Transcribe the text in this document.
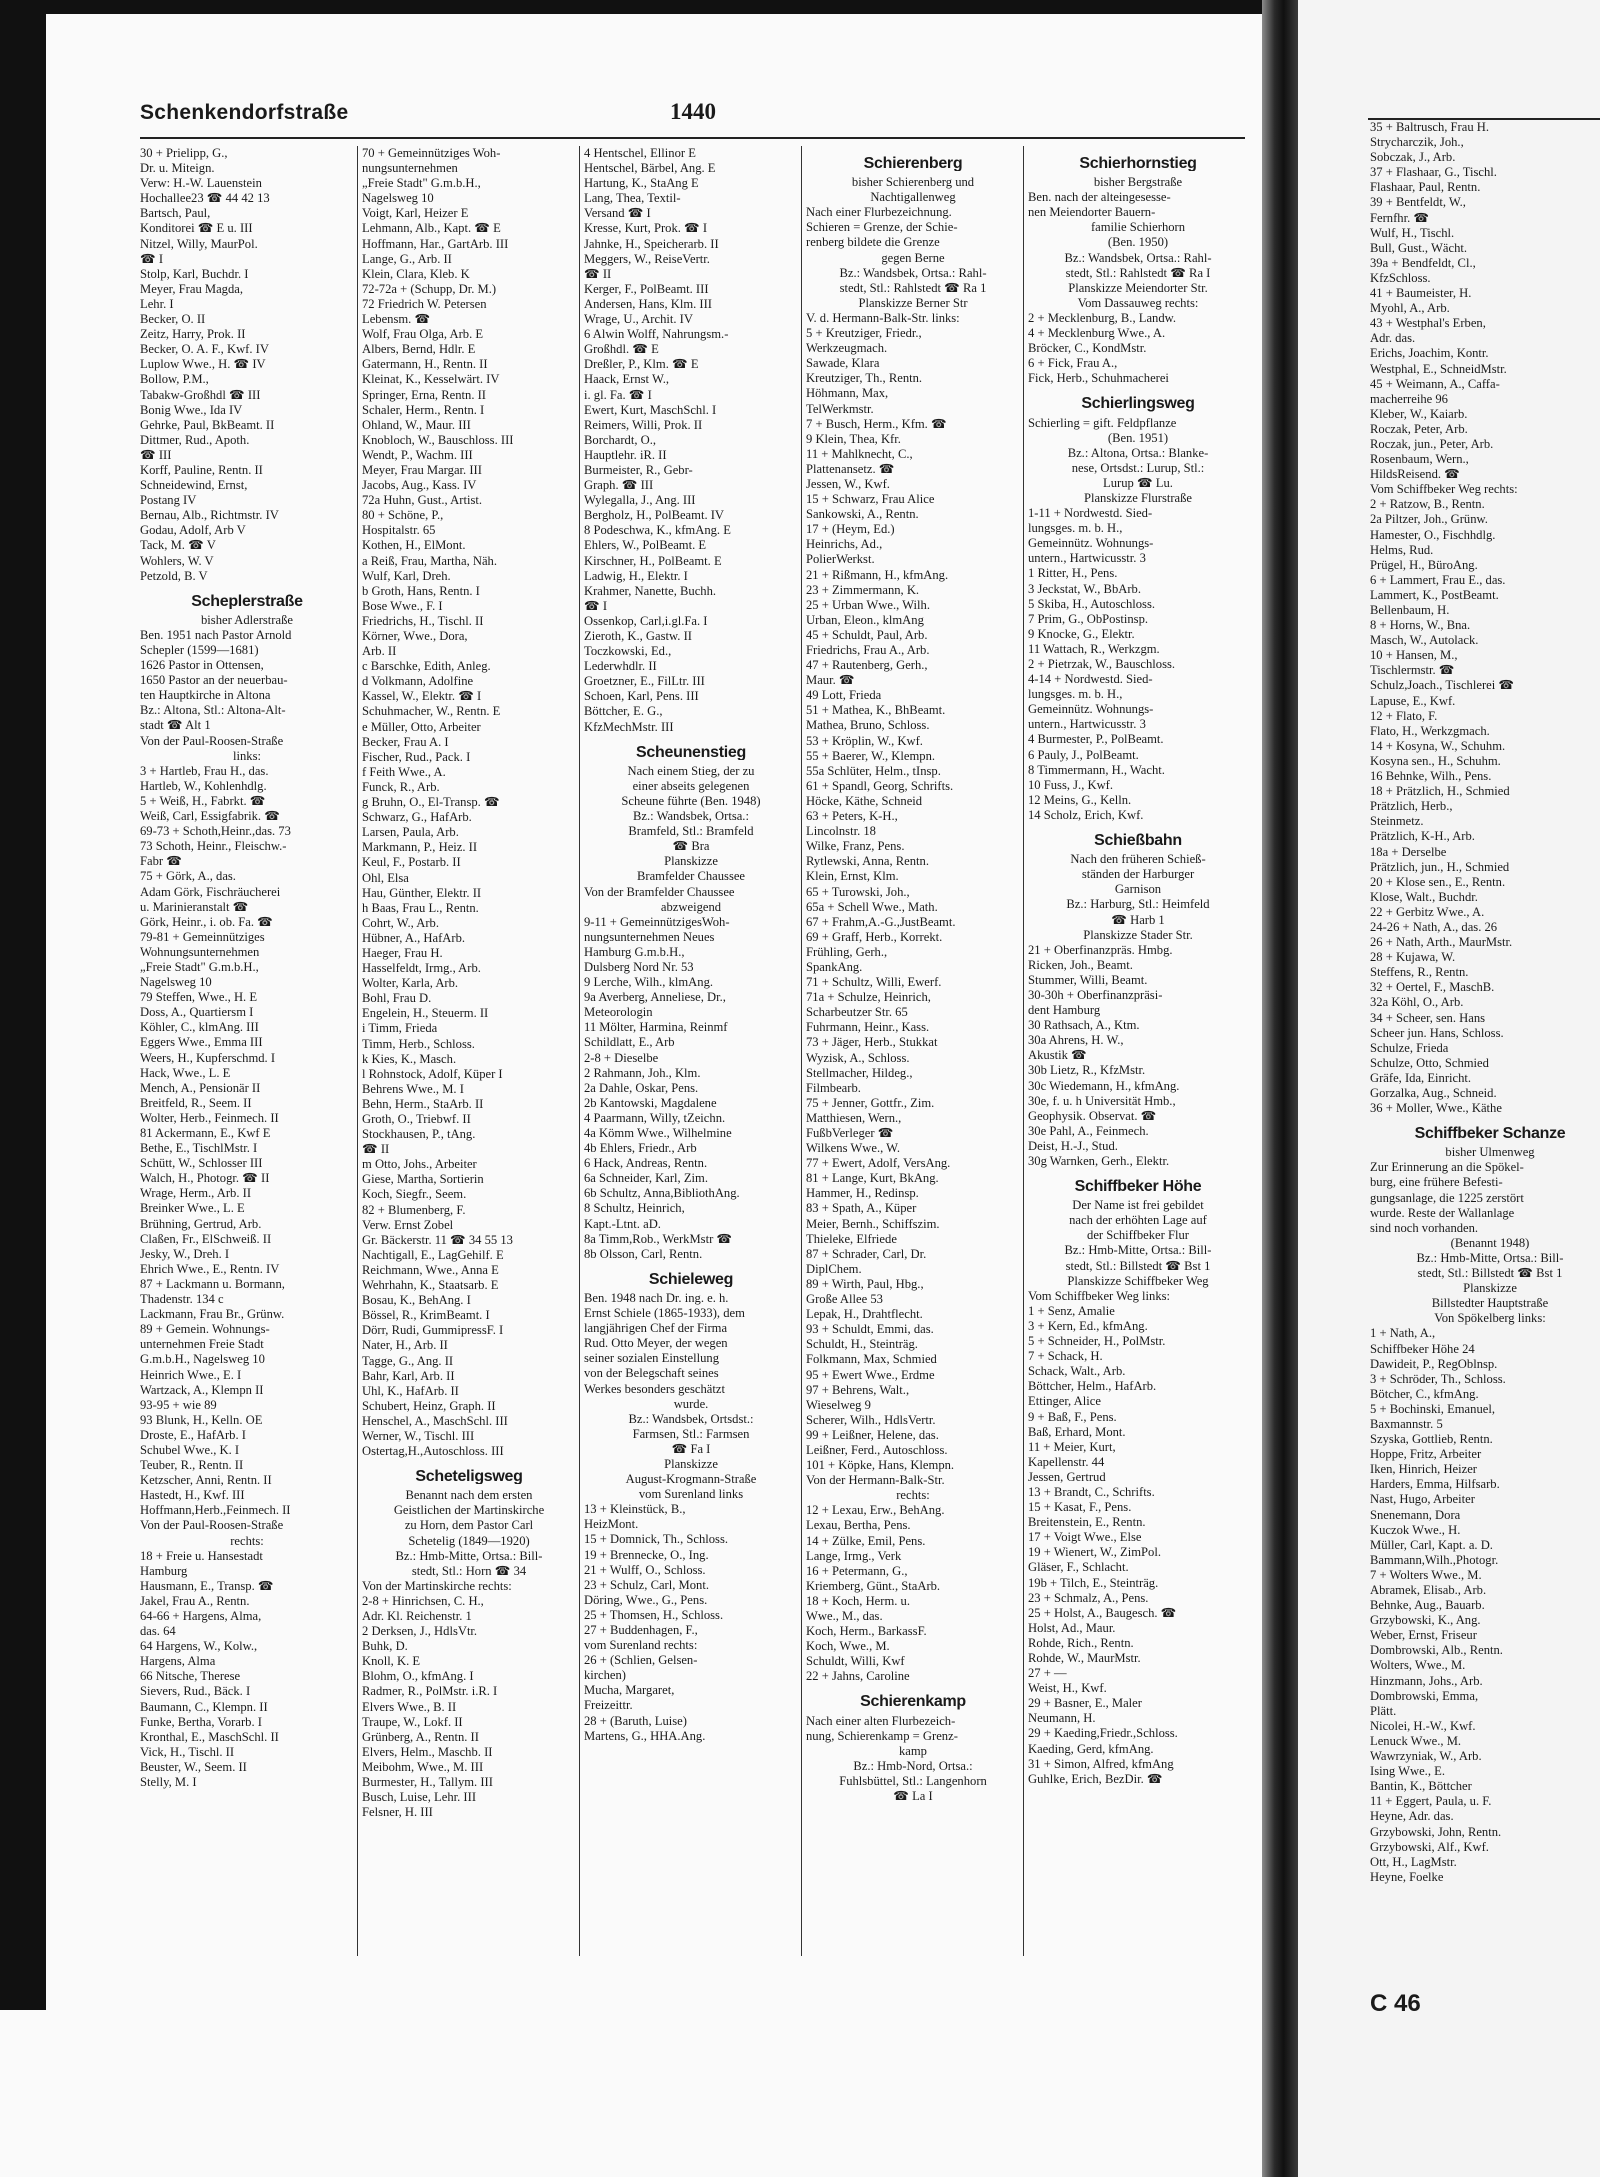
Schenkendorfstraße	1440

30 + Prielipp, G.,

Dr. u. Miteign.

Verw: H.-W. Lauenstein

Hochallee23 ☎ 44 42 13

Bartsch, Paul,

Konditorei ☎ E u. III

Nitzel, Willy, MaurPol.

☎ I

Stolp, Karl, Buchdr. I

Meyer, Frau Magda,

Lehr. I

Becker, O. II

Zeitz, Harry, Prok. II

Becker, O. A. F., Kwf. IV

Luplow Wwe., H. ☎ IV

Bollow, P.M.,

Tabakw-Großhdl ☎ III

Bonig Wwe., Ida IV

Gehrke, Paul, BkBeamt. II

Dittmer, Rud., Apoth.

☎ III

Korff, Pauline, Rentn. II

Schneidewind, Ernst,

Postang IV

Bernau, Alb., Richtmstr. IV

Godau, Adolf, Arb V

Tack, M. ☎ V

Wohlers, W. V

Petzold, B. V

Scheplerstraße

bisher Adlerstraße

Ben. 1951 nach Pastor Arnold

Schepler (1599—1681)

1626 Pastor in Ottensen,

1650 Pastor an der neuerbau-

ten Hauptkirche in Altona

Bz.: Altona, Stl.: Altona-Alt-

stadt ☎ Alt 1

Von der Paul-Roosen-Straße

links:

3 + Hartleb, Frau H., das.

Hartleb, W., Kohlenhdlg.

5 + Weiß, H., Fabrkt. ☎

Weiß, Carl, Essigfabrik. ☎

69-73 + Schoth,Heinr.,das. 73

73 Schoth, Heinr., Fleischw.-

Fabr ☎

75 + Görk, A., das.

Adam Görk, Fischräucherei

u. Marinieranstalt ☎

Görk, Heinr., i. ob. Fa. ☎

79-81 + Gemeinnütziges

Wohnungsunternehmen

„Freie Stadt" G.m.b.H.,

Nagelsweg 10

79 Steffen, Wwe., H. E

Doss, A., Quartiersm I

Köhler, C., klmAng. III

Eggers Wwe., Emma III

Weers, H., Kupferschmd. I

Hack, Wwe., L. E

Mench, A., Pensionär II

Breitfeld, R., Seem. II

Wolter, Herb., Feinmech. II

81 Ackermann, E., Kwf E

Bethe, E., TischlMstr. I

Schütt, W., Schlosser III

Walch, H., Photogr. ☎ II

Wrage, Herm., Arb. II

Breinker Wwe., L. E

Brühning, Gertrud, Arb.

Claßen, Fr., ElSchweiß. II

Jesky, W., Dreh. I

Ehrich Wwe., E., Rentn. IV

87 + Lackmann u. Bormann,

Thadenstr. 134 c

Lackmann, Frau Br., Grünw.

89 + Gemein. Wohnungs-

unternehmen Freie Stadt

G.m.b.H., Nagelsweg 10

Heinrich Wwe., E. I

Wartzack, A., Klempn II

93-95 + wie 89

93 Blunk, H., Kelln. OE

Droste, E., HafArb. I

Schubel Wwe., K. I

Teuber, R., Rentn. II

Ketzscher, Anni, Rentn. II

Hastedt, H., Kwf. III

Hoffmann,Herb.,Feinmech. II

Von der Paul-Roosen-Straße

rechts:

18 + Freie u. Hansestadt

Hamburg

Hausmann, E., Transp. ☎

Jakel, Frau A., Rentn.

64-66 + Hargens, Alma,

das. 64

64 Hargens, W., Kolw.,

Hargens, Alma

66 Nitsche, Therese

Sievers, Rud., Bäck. I

Baumann, C., Klempn. II

Funke, Bertha, Vorarb. I

Kronthal, E., MaschSchl. II

Vick, H., Tischl. II

Beuster, W., Seem. II

Stelly, M. I

70 + Gemeinnütziges Woh-

nungsunternehmen

„Freie Stadt" G.m.b.H.,

Nagelsweg 10

Voigt, Karl, Heizer E

Lehmann, Alb., Kapt. ☎ E

Hoffmann, Har., GartArb. III

Lange, G., Arb. II

Klein, Clara, Kleb. K

72-72a + (Schupp, Dr. M.)

72 Friedrich W. Petersen

Lebensm. ☎

Wolf, Frau Olga, Arb. E

Albers, Bernd, Hdlr. E

Gatermann, H., Rentn. II

Kleinat, K., Kesselwärt. IV

Springer, Erna, Rentn. II

Schaler, Herm., Rentn. I

Ohland, W., Maur. III

Knobloch, W., Bauschloss. III

Wendt, P., Wachm. III

Meyer, Frau Margar. III

Jacobs, Aug., Kass. IV

72a Huhn, Gust., Artist.

80 + Schöne, P.,

Hospitalstr. 65

Kothen, H., ElMont.

a Reiß, Frau, Martha, Näh.

Wulf, Karl, Dreh.

b Groth, Hans, Rentn. I

Bose Wwe., F. I

Friedrichs, H., Tischl. II

Körner, Wwe., Dora,

Arb. II

c Barschke, Edith, Anleg.

d Volkmann, Adolfine

Kassel, W., Elektr. ☎ I

Schuhmacher, W., Rentn. E

e Müller, Otto, Arbeiter

Becker, Frau A. I

Fischer, Rud., Pack. I

f Feith Wwe., A.

Funck, R., Arb.

g Bruhn, O., El-Transp. ☎

Schwarz, G., HafArb.

Larsen, Paula, Arb.

Markmann, P., Heiz. II

Keul, F., Postarb. II

Ohl, Elsa

Hau, Günther, Elektr. II

h Baas, Frau L., Rentn.

Cohrt, W., Arb.

Hübner, A., HafArb.

Haeger, Frau H.

Hasselfeldt, Irmg., Arb.

Wolter, Karla, Arb.

Bohl, Frau D.

Engelein, H., Steuerm. II

i Timm, Frieda

Timm, Herb., Schloss.

k Kies, K., Masch.

l Rohnstock, Adolf, Küper I

Behrens Wwe., M. I

Behn, Herm., StaArb. II

Groth, O., Triebwf. II

Stockhausen, P., tAng.

☎ II

m Otto, Johs., Arbeiter

Giese, Martha, Sortierin

Koch, Siegfr., Seem.

82 + Blumenberg, F.

Verw. Ernst Zobel

Gr. Bäckerstr. 11 ☎ 34 55 13

Nachtigall, E., LagGehilf. E

Reichmann, Wwe., Anna E

Wehrhahn, K., Staatsarb. E

Bosau, K., BehAng. I

Bössel, R., KrimBeamt. I

Dörr, Rudi, GummipressF. I

Nater, H., Arb. II

Tagge, G., Ang. II

Bahr, Karl, Arb. II

Uhl, K., HafArb. II

Schubert, Heinz, Graph. II

Henschel, A., MaschSchl. III

Werner, W., Tischl. III

Ostertag,H.,Autoschloss. III

Scheteligsweg

Benannt nach dem ersten

Geistlichen der Martinskirche

zu Horn, dem Pastor Carl

Schetelig (1849—1920)

Bz.: Hmb-Mitte, Ortsa.: Bill-

stedt, Stl.: Horn ☎ 34

Von der Martinskirche rechts:

2-8 + Hinrichsen, C. H.,

Adr. Kl. Reichenstr. 1

2 Derksen, J., HdlsVtr.

Buhk, D.

Knoll, K. E

Blohm, O., kfmAng. I

Radmer, R., PolMstr. i.R. I

Elvers Wwe., B. II

Traupe, W., Lokf. II

Grünberg, A., Rentn. II

Elvers, Helm., Maschb. II

Meibohm, Wwe., M. III

Burmester, H., Tallym. III

Busch, Luise, Lehr. III

Felsner, H. III

4 Hentschel, Ellinor E

Hentschel, Bärbel, Ang. E

Hartung, K., StaAng E

Lang, Thea, Textil-

Versand ☎ I

Kresse, Kurt, Prok. ☎ I

Jahnke, H., Speicherarb. II

Meggers, W., ReiseVertr.

☎ II

Kerger, F., PolBeamt. III

Andersen, Hans, Klm. III

Wrage, U., Archit. IV

6 Alwin Wolff, Nahrungsm.-

Großhdl. ☎ E

Dreßler, P., Klm. ☎ E

Haack, Ernst W.,

i. gl. Fa. ☎ I

Ewert, Kurt, MaschSchl. I

Reimers, Willi, Prok. II

Borchardt, O.,

Hauptlehr. iR. II

Burmeister, R., Gebr-

Graph. ☎ III

Wylegalla, J., Ang. III

Bergholz, H., PolBeamt. IV

8 Podeschwa, K., kfmAng. E

Ehlers, W., PolBeamt. E

Kirschner, H., PolBeamt. E

Ladwig, H., Elektr. I

Krahmer, Nanette, Buchh.

☎ I

Ossenkop, Carl,i.gl.Fa. I

Zieroth, K., Gastw. II

Toczkowski, Ed.,

Lederwhdlr. II

Groetzner, E., FilLtr. III

Schoen, Karl, Pens. III

Böttcher, E. G.,

KfzMechMstr. III

Scheunenstieg

Nach einem Stieg, der zu

einer abseits gelegenen

Scheune führte (Ben. 1948)

Bz.: Wandsbek, Ortsa.:

Bramfeld, Stl.: Bramfeld

☎ Bra

Planskizze

Bramfelder Chaussee

Von der Bramfelder Chaussee

abzweigend

9-11 + GemeinnützigesWoh-

nungsunternehmen Neues

Hamburg G.m.b.H.,

Dulsberg Nord Nr. 53

9 Lerche, Wilh., klmAng.

9a Averberg, Anneliese, Dr.,

Meteorologin

11 Mölter, Harmina, Reinmf

Schildlatt, E., Arb

2-8 + Dieselbe

2 Rahmann, Joh., Klm.

2a Dahle, Oskar, Pens.

2b Kantowski, Magdalene

4 Paarmann, Willy, tZeichn.

4a Kömm Wwe., Wilhelmine

4b Ehlers, Friedr., Arb

6 Hack, Andreas, Rentn.

6a Schneider, Karl, Zim.

6b Schultz, Anna,BibliothAng.

8 Schultz, Heinrich,

Kapt.-Ltnt. aD.

8a Timm,Rob., WerkMstr ☎

8b Olsson, Carl, Rentn.

Schieleweg

Ben. 1948 nach Dr. ing. e. h.

Ernst Schiele (1865-1933), dem

langjährigen Chef der Firma

Rud. Otto Meyer, der wegen

seiner sozialen Einstellung

von der Belegschaft seines

Werkes besonders geschätzt

wurde.

Bz.: Wandsbek, Ortsdst.:

Farmsen, Stl.: Farmsen

☎ Fa I

Planskizze

August-Krogmann-Straße

vom Surenland links

13 + Kleinstück, B.,

HeizMont.

15 + Domnick, Th., Schloss.

19 + Brennecke, O., Ing.

21 + Wulff, O., Schloss.

23 + Schulz, Carl, Mont.

Döring, Wwe., G., Pens.

25 + Thomsen, H., Schloss.

27 + Buddenhagen, F.,

vom Surenland rechts:

26 + (Schlien, Gelsen-

kirchen)

Mucha, Margaret,

Freizeittr.

28 + (Baruth, Luise)

Martens, G., HHA.Ang.

Schierenberg

bisher Schierenberg und

Nachtigallenweg

Nach einer Flurbezeichnung.

Schieren = Grenze, der Schie-

renberg bildete die Grenze

gegen Berne

Bz.: Wandsbek, Ortsa.: Rahl-

stedt, Stl.: Rahlstedt ☎ Ra 1

Planskizze Berner Str

V. d. Hermann-Balk-Str. links:

5 + Kreutziger, Friedr.,

Werkzeugmach.

Sawade, Klara

Kreutziger, Th., Rentn.

Höhmann, Max,

TelWerkmstr.

7 + Busch, Herm., Kfm. ☎

9 Klein, Thea, Kfr.

11 + Mahlknecht, C.,

Plattenansetz. ☎

Jessen, W., Kwf.

15 + Schwarz, Frau Alice

Sankowski, A., Rentn.

17 + (Heym, Ed.)

Heinrichs, Ad.,

PolierWerkst.

21 + Rißmann, H., kfmAng.

23 + Zimmermann, K.

25 + Urban Wwe., Wilh.

Urban, Eleon., klmAng

45 + Schuldt, Paul, Arb.

Friedrichs, Frau A., Arb.

47 + Rautenberg, Gerh.,

Maur. ☎

49 Lott, Frieda

51 + Mathea, K., BhBeamt.

Mathea, Bruno, Schloss.

53 + Kröplin, W., Kwf.

55 + Baerer, W., Klempn.

55a Schlüter, Helm., tInsp.

61 + Spandl, Georg, Schrifts.

Höcke, Käthe, Schneid

63 + Peters, K-H.,

Lincolnstr. 18

Wilke, Franz, Pens.

Rytlewski, Anna, Rentn.

Klein, Ernst, Klm.

65 + Turowski, Joh.,

65a + Schell Wwe., Math.

67 + Frahm,A.-G.,JustBeamt.

69 + Graff, Herb., Korrekt.

Frühling, Gerh.,

SpankAng.

71 + Schultz, Willi, Ewerf.

71a + Schulze, Heinrich,

Scharbeutzer Str. 65

Fuhrmann, Heinr., Kass.

73 + Jäger, Herb., Stukkat

Wyzisk, A., Schloss.

Stellmacher, Hildeg.,

Filmbearb.

75 + Jenner, Gottfr., Zim.

Matthiesen, Wern.,

FußbVerleger ☎

Wilkens Wwe., W.

77 + Ewert, Adolf, VersAng.

81 + Lange, Kurt, BkAng.

Hammer, H., Redinsp.

83 + Spath, A., Küper

Meier, Bernh., Schiffszim.

Thieleke, Elfriede

87 + Schrader, Carl, Dr.

DiplChem.

89 + Wirth, Paul, Hbg.,

Große Allee 53

Lepak, H., Drahtflecht.

93 + Schuldt, Emmi, das.

Schuldt, H., Steinträg.

Folkmann, Max, Schmied

95 + Ewert Wwe., Erdme

97 + Behrens, Walt.,

Wieselweg 9

Scherer, Wilh., HdlsVertr.

99 + Leißner, Helene, das.

Leißner, Ferd., Autoschloss.

101 + Köpke, Hans, Klempn.

Von der Hermann-Balk-Str.

rechts:

12 + Lexau, Erw., BehAng.

Lexau, Bertha, Pens.

14 + Zülke, Emil, Pens.

Lange, Irmg., Verk

16 + Petermann, G.,

Kriemberg, Günt., StaArb.

18 + Koch, Herm. u.

Wwe., M., das.

Koch, Herm., BarkassF.

Koch, Wwe., M.

Schuldt, Willi, Kwf

22 + Jahns, Caroline

Schierenkamp

Nach einer alten Flurbezeich-

nung, Schierenkamp = Grenz-

kamp

Bz.: Hmb-Nord, Ortsa.:

Fuhlsbüttel, Stl.: Langenhorn

☎ La I

Schierhornstieg

bisher Bergstraße

Ben. nach der alteingesesse-

nen Meiendorter Bauern-

familie Schierhorn

(Ben. 1950)

Bz.: Wandsbek, Ortsa.: Rahl-

stedt, Stl.: Rahlstedt ☎ Ra I

Planskizze Meiendorter Str.

Vom Dassauweg rechts:

2 + Mecklenburg, B., Landw.

4 + Mecklenburg Wwe., A.

Bröcker, C., KondMstr.

6 + Fick, Frau A.,

Fick, Herb., Schuhmacherei

Schierlingsweg

Schierling = gift. Feldpflanze

(Ben. 1951)

Bz.: Altona, Ortsa.: Blanke-

nese, Ortsdst.: Lurup, Stl.:

Lurup ☎ Lu.

Planskizze Flurstraße

1-11 + Nordwestd. Sied-

lungsges. m. b. H.,

Gemeinnütz. Wohnungs-

untern., Hartwicusstr. 3

1 Ritter, H., Pens.

3 Jeckstat, W., BbArb.

5 Skiba, H., Autoschloss.

7 Prim, G., ObPostinsp.

9 Knocke, G., Elektr.

11 Wattach, R., Werkzgm.

2 + Pietrzak, W., Bauschloss.

4-14 + Nordwestd. Sied-

lungsges. m. b. H.,

Gemeinnütz. Wohnungs-

untern., Hartwicusstr. 3

4 Burmester, P., PolBeamt.

6 Pauly, J., PolBeamt.

8 Timmermann, H., Wacht.

10 Fuss, J., Kwf.

12 Meins, G., Kelln.

14 Scholz, Erich, Kwf.

Schießbahn

Nach den früheren Schieß-

ständen der Harburger

Garnison

Bz.: Harburg, Stl.: Heimfeld

☎ Harb 1

Planskizze Stader Str.

21 + Oberfinanzpräs. Hmbg.

Ricken, Joh., Beamt.

Stummer, Willi, Beamt.

30-30h + Oberfinanzpräsi-

dent Hamburg

30 Rathsach, A., Ktm.

30a Ahrens, H. W.,

Akustik ☎

30b Lietz, R., KfzMstr.

30c Wiedemann, H., kfmAng.

30e, f. u. h Universität Hmb.,

Geophysik. Observat. ☎

30e Pahl, A., Feinmech.

Deist, H.-J., Stud.

30g Warnken, Gerh., Elektr.

Schiffbeker Höhe

Der Name ist frei gebildet

nach der erhöhten Lage auf

der Schiffbeker Flur

Bz.: Hmb-Mitte, Ortsa.: Bill-

stedt, Stl.: Billstedt ☎ Bst 1

Planskizze Schiffbeker Weg

Vom Schiffbeker Weg links:

1 + Senz, Amalie

3 + Kern, Ed., kfmAng.

5 + Schneider, H., PolMstr.

7 + Schack, H.

Schack, Walt., Arb.

Böttcher, Helm., HafArb.

Ettinger, Alice

9 + Baß, F., Pens.

Baß, Erhard, Mont.

11 + Meier, Kurt,

Kapellenstr. 44

Jessen, Gertrud

13 + Brandt, C., Schrifts.

15 + Kasat, F., Pens.

Breitenstein, E., Rentn.

17 + Voigt Wwe., Else

19 + Wienert, W., ZimPol.

Gläser, F., Schlacht.

19b + Tilch, E., Steinträg.

23 + Schmalz, A., Pens.

25 + Holst, A., Baugesch. ☎

Holst, Ad., Maur.

Rohde, Rich., Rentn.

Rohde, W., MaurMstr.

27 + —

Weist, H., Kwf.

29 + Basner, E., Maler

Neumann, H.

29 + Kaeding,Friedr.,Schloss.

Kaeding, Gerd, kfmAng.

31 + Simon, Alfred, kfmAng

Guhlke, Erich, BezDir. ☎

35 + Baltrusch, Frau H.

Strycharczik, Joh.,

Sobczak, J., Arb.

37 + Flashaar, G., Tischl.

Flashaar, Paul, Rentn.

39 + Bentfeldt, W.,

Fernfhr. ☎

Wulf, H., Tischl.

Bull, Gust., Wächt.

39a + Bendfeldt, Cl.,

KfzSchloss.

41 + Baumeister, H.

Myohl, A., Arb.

43 + Westphal's Erben,

Adr. das.

Erichs, Joachim, Kontr.

Westphal, E., SchneidMstr.

45 + Weimann, A., Caffa-

macherreihe 96

Kleber, W., Kaiarb.

Roczak, Peter, Arb.

Roczak, jun., Peter, Arb.

Rosenbaum, Wern.,

HildsReisend. ☎

Vom Schiffbeker Weg rechts:

2 + Ratzow, B., Rentn.

2a Piltzer, Joh., Grünw.

Hamester, O., Fischhdlg.

Helms, Rud.

Prügel, H., BüroAng.

6 + Lammert, Frau E., das.

Lammert, K., PostBeamt.

Bellenbaum, H.

8 + Horns, W., Bna.

Masch, W., Autolack.

10 + Hansen, M.,

Tischlermstr. ☎

Schulz,Joach., Tischlerei ☎

Lapuse, E., Kwf.

12 + Flato, F.

Flato, H., Werkzgmach.

14 + Kosyna, W., Schuhm.

Kosyna sen., H., Schuhm.

16 Behnke, Wilh., Pens.

18 + Prätzlich, H., Schmied

Prätzlich, Herb.,

Steinmetz.

Prätzlich, K-H., Arb.

18a + Derselbe

Prätzlich, jun., H., Schmied

20 + Klose sen., E., Rentn.

Klose, Walt., Buchdr.

22 + Gerbitz Wwe., A.

24-26 + Nath, A., das. 26

26 + Nath, Arth., MaurMstr.

28 + Kujawa, W.

Steffens, R., Rentn.

32 + Oertel, F., MaschB.

32a Köhl, O., Arb.

34 + Scheer, sen. Hans

Scheer jun. Hans, Schloss.

Schulze, Frieda

Schulze, Otto, Schmied

Gräfe, Ida, Einricht.

Gorzalka, Aug., Schneid.

36 + Moller, Wwe., Käthe

Schiffbeker Schanze

bisher Ulmenweg

Zur Erinnerung an die Spökel-

burg, eine frühere Befesti-

gungsanlage, die 1225 zerstört

wurde. Reste der Wallanlage

sind noch vorhanden.

(Benannt 1948)

Bz.: Hmb-Mitte, Ortsa.: Bill-

stedt, Stl.: Billstedt ☎ Bst 1

Planskizze

Billstedter Hauptstraße

Von Spökelberg links:

1 + Nath, A.,

Schiffbeker Höhe 24

Dawideit, P., RegOblnsp.

3 + Schröder, Th., Schloss.

Bötcher, C., kfmAng.

5 + Bochinski, Emanuel,

Baxmannstr. 5

Szyska, Gottlieb, Rentn.

Hoppe, Fritz, Arbeiter

Iken, Hinrich, Heizer

Harders, Emma, Hilfsarb.

Nast, Hugo, Arbeiter

Snenemann, Dora

Kuczok Wwe., H.

Müller, Carl, Kapt. a. D.

Bammann,Wilh.,Photogr.

7 + Wolters Wwe., M.

Abramek, Elisab., Arb.

Behnke, Aug., Bauarb.

Grzybowski, K., Ang.

Weber, Ernst, Friseur

Dombrowski, Alb., Rentn.

Wolters, Wwe., M.

Hinzmann, Johs., Arb.

Dombrowski, Emma,

Plätt.

Nicolei, H.-W., Kwf.

Lenuck Wwe., M.

Wawrzyniak, W., Arb.

Ising Wwe., E.

Bantin, K., Böttcher

11 + Eggert, Paula, u. F.

Heyne, Adr. das.

Grzybowski, John, Rentn.

Grzybowski, Alf., Kwf.

Ott, H., LagMstr.

Heyne, Foelke

C 46
